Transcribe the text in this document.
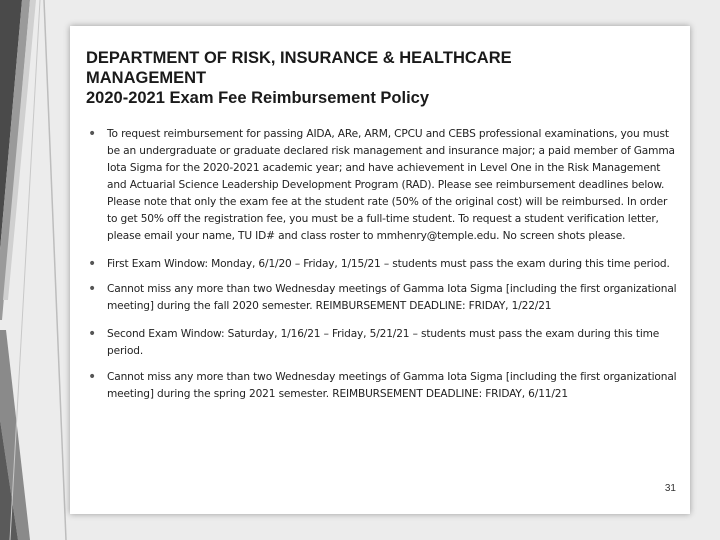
DEPARTMENT OF RISK, INSURANCE & HEALTHCARE
MANAGEMENT
2020-2021 Exam Fee Reimbursement Policy
• To request reimbursement for passing AIDA, ARe, ARM, CPCU and CEBS professional examinations, you must be an undergraduate or graduate declared risk management and insurance major; a paid member of Gamma Iota Sigma for the 2020-2021 academic year; and have achievement in Level One in the Risk Management and Actuarial Science Leadership Development Program (RAD). Please see reimbursement deadlines below. Please note that only the exam fee at the student rate (50% of the original cost) will be reimbursed. In order to get 50% off the registration fee, you must be a full-time student. To request a student verification letter, please email your name, TU ID# and class roster to mmhenry@temple.edu. No screen shots please.
• First Exam Window: Monday, 6/1/20 – Friday, 1/15/21 – students must pass the exam during this time period.
• Cannot miss any more than two Wednesday meetings of Gamma Iota Sigma [including the first organizational meeting] during the fall 2020 semester. REIMBURSEMENT DEADLINE: FRIDAY, 1/22/21
• Second Exam Window: Saturday, 1/16/21 – Friday, 5/21/21 – students must pass the exam during this time period.
• Cannot miss any more than two Wednesday meetings of Gamma Iota Sigma [including the first organizational meeting] during the spring 2021 semester. REIMBURSEMENT DEADLINE: FRIDAY, 6/11/21
31
